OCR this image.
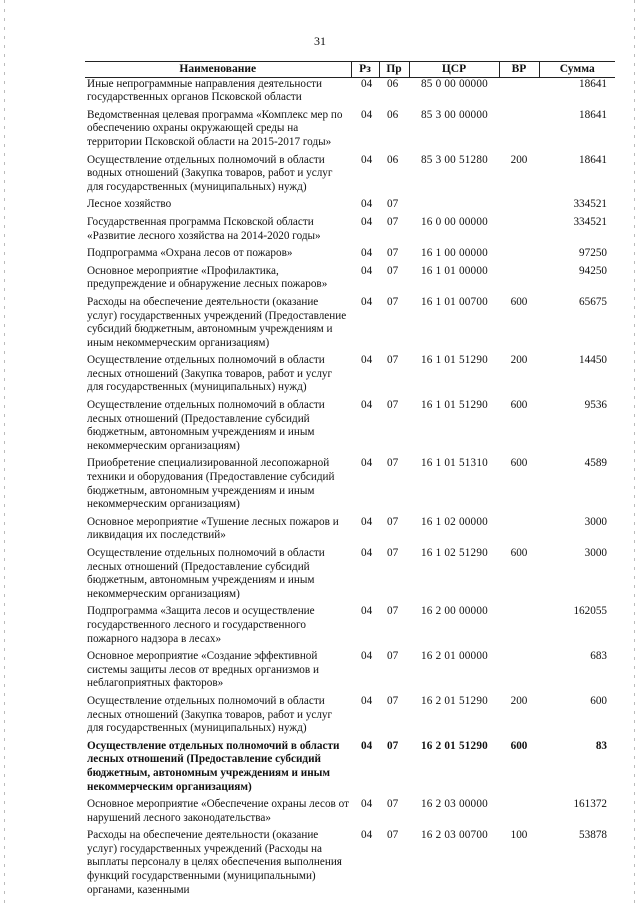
31
Наименование	Рз	Пр	ЦСР	ВР	Сумма
Иные непрограммные направления деятельности государственных органов Псковской области	04	06	85 0 00 00000		18641
Ведомственная целевая программа «Комплекс мер по обеспечению охраны окружающей среды на территории Псковской области на 2015-2017 годы»	04	06	85 3 00 00000		18641
Осуществление отдельных полномочий в области водных отношений (Закупка товаров, работ и услуг для государственных (муниципальных) нужд)	04	06	85 3 00 51280	200	18641
Лесное хозяйство	04	07			334521
Государственная программа Псковской области «Развитие лесного хозяйства на 2014-2020 годы»	04	07	16 0 00 00000		334521
Подпрограмма «Охрана лесов от пожаров»	04	07	16 1 00 00000		97250
Основное мероприятие «Профилактика, предупреждение и обнаружение лесных пожаров»	04	07	16 1 01 00000		94250
Расходы на обеспечение деятельности (оказание услуг) государственных учреждений (Предоставление субсидий бюджетным, автономным учреждениям и иным некоммерческим организациям)	04	07	16 1 01 00700	600	65675
Осуществление отдельных полномочий в области лесных отношений (Закупка товаров, работ и услуг для государственных (муниципальных) нужд)	04	07	16 1 01 51290	200	14450
Осуществление отдельных полномочий в области лесных отношений (Предоставление субсидий бюджетным, автономным учреждениям и иным некоммерческим организациям)	04	07	16 1 01 51290	600	9536
Приобретение специализированной лесопожарной техники и оборудования (Предоставление субсидий бюджетным, автономным учреждениям и иным некоммерческим организациям)	04	07	16 1 01 51310	600	4589
Основное мероприятие «Тушение лесных пожаров и ликвидация их последствий»	04	07	16 1 02 00000		3000
Осуществление отдельных полномочий в области лесных отношений (Предоставление субсидий бюджетным, автономным учреждениям и иным некоммерческим организациям)	04	07	16 1 02 51290	600	3000
Подпрограмма «Защита лесов и осуществление государственного лесного и государственного пожарного надзора в лесах»	04	07	16 2 00 00000		162055
Основное мероприятие «Создание эффективной системы защиты лесов от вредных организмов и неблагоприятных факторов»	04	07	16 2 01 00000		683
Осуществление отдельных полномочий в области лесных отношений (Закупка товаров, работ и услуг для государственных (муниципальных) нужд)	04	07	16 2 01 51290	200	600
Осуществление отдельных полномочий в области лесных отношений (Предоставление субсидий бюджетным, автономным учреждениям и иным некоммерческим организациям)	04	07	16 2 01 51290	600	83
Основное мероприятие «Обеспечение охраны лесов от нарушений лесного законодательства»	04	07	16 2 03 00000		161372
Расходы на обеспечение деятельности (оказание услуг) государственных учреждений (Расходы на выплаты персоналу в целях обеспечения выполнения функций государственными (муниципальными) органами, казенными	04	07	16 2 03 00700	100	53878
